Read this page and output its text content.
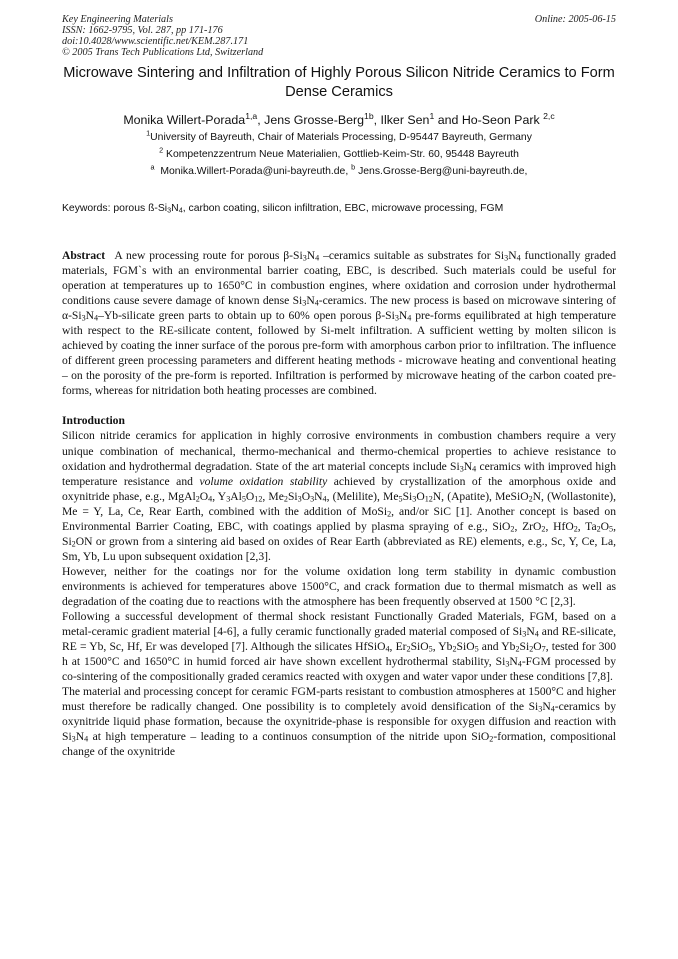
Key Engineering Materials
ISSN: 1662-9795, Vol. 287, pp 171-176
doi:10.4028/www.scientific.net/KEM.287.171
© 2005 Trans Tech Publications Ltd, Switzerland
Online: 2005-06-15
Microwave Sintering and Infiltration of Highly Porous Silicon Nitride Ceramics to Form Dense Ceramics
Monika Willert-Porada$^{1,a}$, Jens Grosse-Berg$^{1b}$, Ilker Sen$^1$ and Ho-Seon Park $^{2,c}$
$^1$University of Bayreuth, Chair of Materials Processing, D-95447 Bayreuth, Germany
$^2$ Kompetenzzentrum Neue Materialien, Gottlieb-Keim-Str. 60, 95448 Bayreuth
$^a$ Monika.Willert-Porada@uni-bayreuth.de, $^b$ Jens.Grosse-Berg@uni-bayreuth.de,
Keywords: porous $ß-Si_3N_4$, carbon coating, silicon infiltration, EBC, microwave processing, FGM
Abstract A new processing route for porous $\beta-Si_3N_4$ –ceramics suitable as substrates for $Si_3N_4$ functionally graded materials, FGM`s with an environmental barrier coating, EBC, is described. Such materials could be useful for operation at temperatures up to 1650°C in combustion engines, where oxidation and corrosion under hydrothermal conditions cause severe damage of known dense $Si_3N_4$-ceramics. The new process is based on microwave sintering of $\alpha-Si_3N_4-Yb$-silicate green parts to obtain up to 60% open porous $\beta-Si_3N_4$ pre-forms equilibrated at high temperature with respect to the RE-silicate content, followed by Si-melt infiltration. A sufficient wetting by molten silicon is achieved by coating the inner surface of the porous pre-form with amorphous carbon prior to infiltration. The influence of different green processing parameters and different heating methods - microwave heating and conventional heating – on the porosity of the pre-form is reported. Infiltration is performed by microwave heating of the carbon coated pre-forms, whereas for nitridation both heating processes are combined.
Introduction

Silicon nitride ceramics for application in highly corrosive environments in combustion chambers require a very unique combination of mechanical, thermo-mechanical and thermo-chemical properties to achieve resistance to oxidation and hydrothermal degradation. State of the art material concepts include $Si_3N_4$ ceramics with improved high temperature resistance and volume oxidation stability achieved by crystallization of the amorphous oxide and oxynitride phase, e.g., $MgAl_2O_4$, $Y_3Al_5O_{12}$, $Me_2Si_3O_3N_4$, (Melilite), $Me_5Si_3O_{12}N$, (Apatite), MeSiO$_2$N, (Wollastonite), Me = Y, La, Ce, Rear Earth, combined with the addition of MoSi$_2$, and/or SiC [1]. Another concept is based on Environmental Barrier Coating, EBC, with coatings applied by plasma spraying of e.g., SiO$_2$, ZrO$_2$, HfO$_2$, $Ta_2O_5$, $Si_2ON$ or grown from a sintering aid based on oxides of Rear Earth (abbreviated as RE) elements, e.g., Sc, Y, Ce, La, Sm, Yb, Lu upon subsequent oxidation [2,3].

However, neither for the coatings nor for the volume oxidation long term stability in dynamic combustion environments is achieved for temperatures above 1500°C, and crack formation due to thermal mismatch as well as degradation of the coating due to reactions with the atmosphere has been frequently observed at 1500 °C [2,3].

Following a successful development of thermal shock resistant Functionally Graded Materials, FGM, based on a metal-ceramic gradient material [4-6], a fully ceramic functionally graded material composed of $Si_3N_4$ and RE-silicate, RE = Yb, Sc, Hf, Er was developed [7]. Although the silicates HfSiO$_4$, $Er_2SiO_5$, $Yb_2SiO_5$ and $Yb_2Si_2O_7$, tested for 300 h at 1500°C and 1650°C in humid forced air have shown excellent hydrothermal stability, $Si_3N_4$-FGM processed by co-sintering of the compositionally graded ceramics reacted with oxygen and water vapor under these conditions [7,8].

The material and processing concept for ceramic FGM-parts resistant to combustion atmospheres at 1500°C and higher must therefore be radically changed. One possibility is to completely avoid densification of the $Si_3N_4$-ceramics by oxynitride liquid phase formation, because the oxynitride-phase is responsible for oxygen diffusion and reaction with $Si_3N_4$ at high temperature – leading to a continuos consumption of the nitride upon SiO$_2$-formation, compositional change of the oxynitride
